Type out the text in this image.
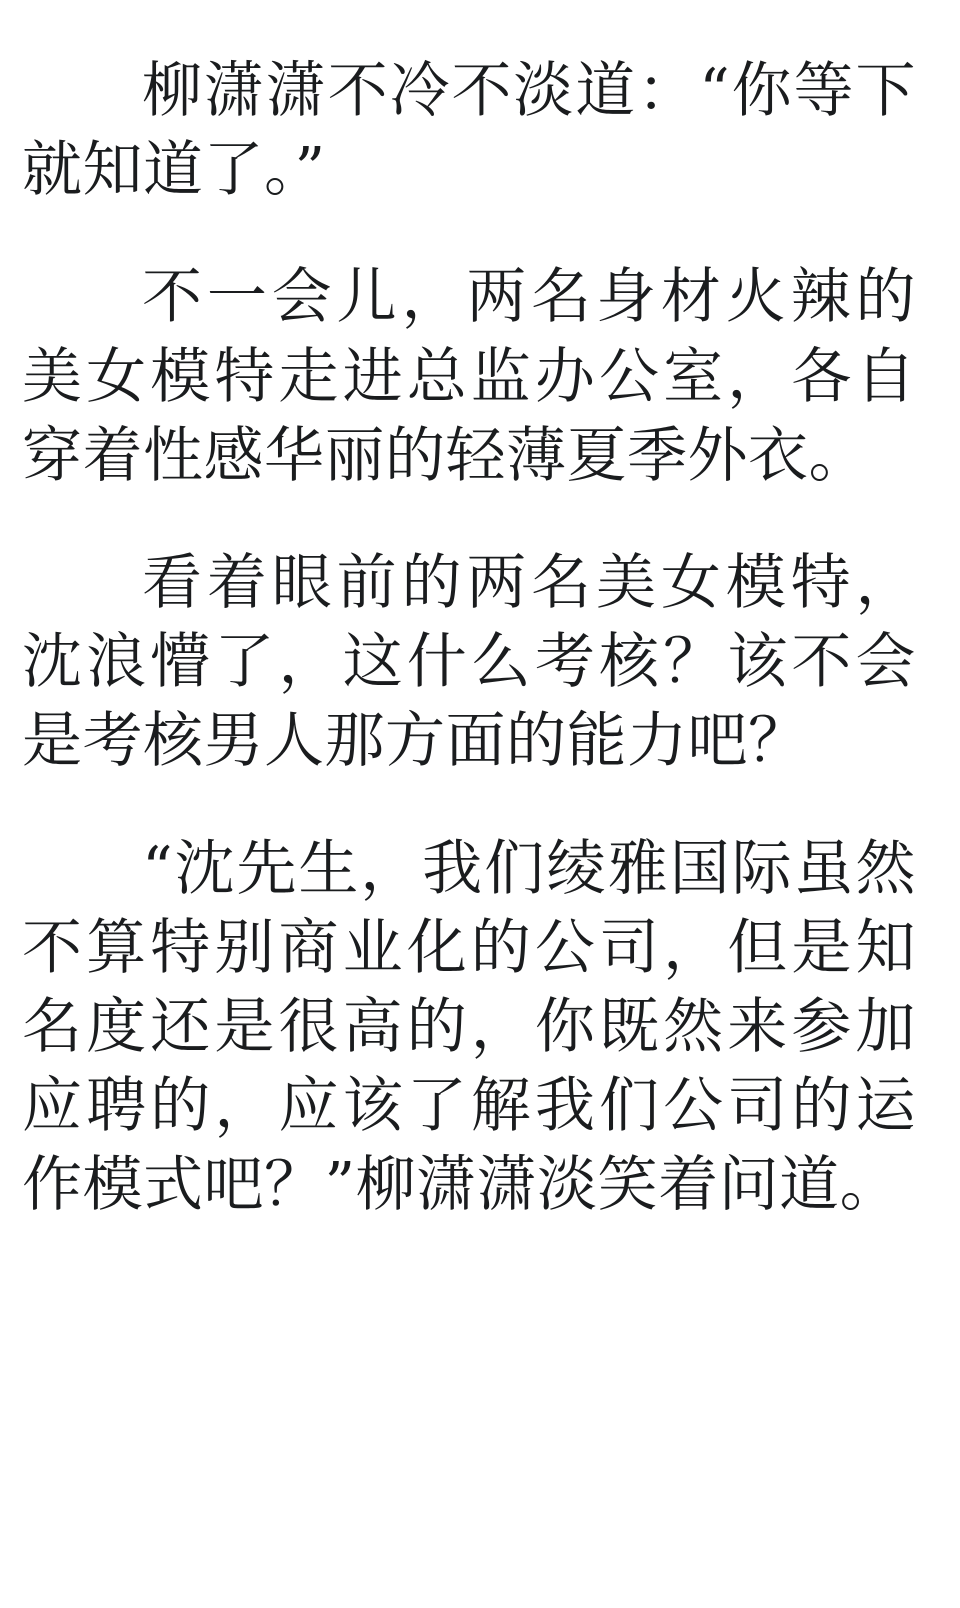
柳潇潇不冷不淡道：“你等下就知道了。”

不一会儿，两名身材火辣的美女模特走进总监办公室，各自穿着性感华丽的轻薄夏季外衣。

看着眼前的两名美女模特，沈浪懵了，这什么考核？该不会是考核男人那方面的能力吧？

“沈先生，我们绫雅国际虽然不算特别商业化的公司，但是知名度还是很高的，你既然来参加应聘的，应该了解我们公司的运作模式吧？”柳潇潇淡笑着问道。
